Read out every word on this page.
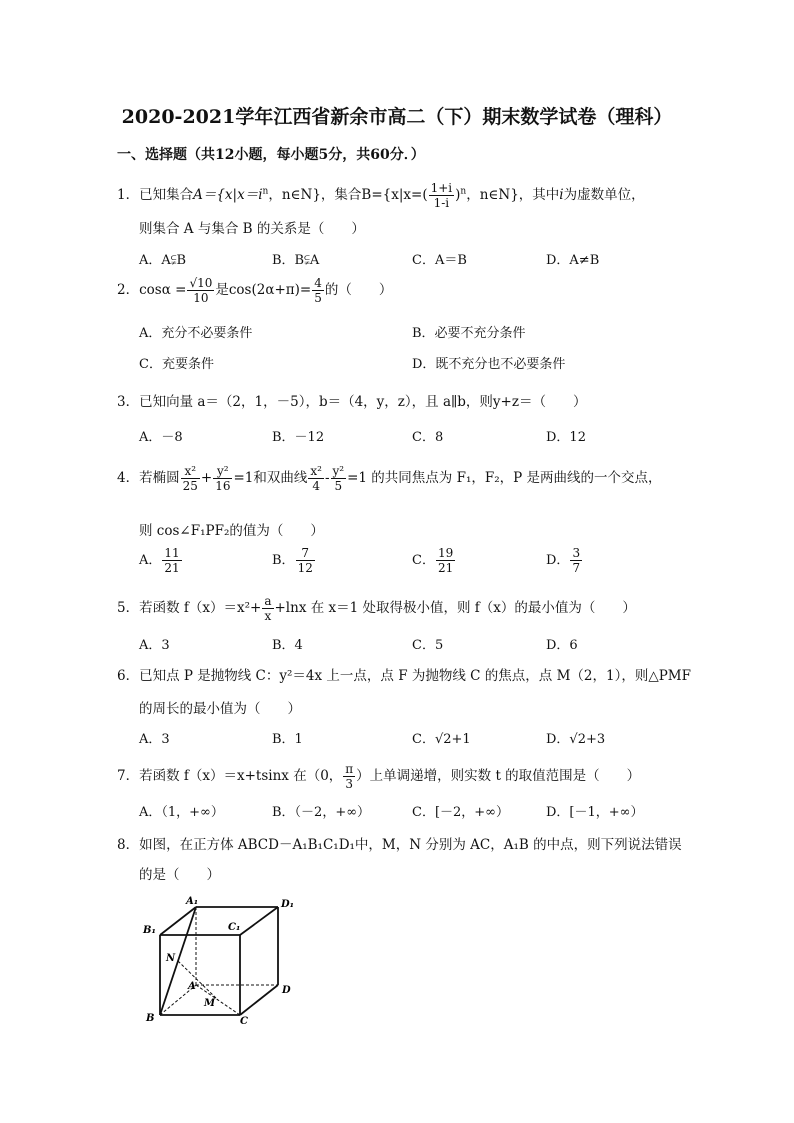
2020-2021学年江西省新余市高二（下）期末数学试卷（理科）
一、选择题（共12小题，每小题5分，共60分．）
1．已知集合$A=\{x|x=i^n$，n∈N}，集合$B=\{x|x=( \frac{1+i}{1-i} )^n$，n∈N}，其中i为虚数单位，
则集合 A 与集合 B 的关系是（　　）
A．A⫋B	B．B⫋A	C．A＝B	D．A≠B
2．$\cos\alpha = \frac{√10}{10}$ 是$\cos(2\alpha+\pi)= \frac{4}{5}$ 的（　　）
A．充分不必要条件	B．必要不充分条件
C．充要条件	D．既不充分也不必要条件
3．已知向量 a＝（2，1，－5），b＝（4，y，z），且 a∥b，则y+z＝（　　）
A．－8	B．－12	C．8	D．12
4．若椭圆 $\frac{\text{x²}}{25} + \frac{\text{y²}}{16} =1$和双曲线 $\frac{\text{x²}}{4} - \frac{\text{y²}}{5} =1$ 的共同焦点为 F₁，F₂，P 是两曲线的一个交点，
则 cos∠F₁PF₂的值为（　　）
A． $\frac{11}{21}$	B． $\frac{7}{12}$	C． $\frac{19}{21}$	D． $\frac{3}{7}$
5．若函数 $f(x)=x^2+ \frac{a}{x} +\ln x$ 在 x＝1 处取得极小值，则 f（x）的最小值为（　　）
A．3	B．4	C．5	D．6
6．已知点 P 是抛物线 C：y²＝4x 上一点，点 F 为抛物线 C 的焦点，点 M（2，1），则△PMF
的周长的最小值为（　　）
A．3	B．1	C．√2+1	D．√2+3
7．若函数 f（x）＝x+tsinx 在（0， $\frac{\pi}{3}$ ）上单调递增，则实数 t 的取值范围是（　　）
A．（1，+∞）	B．（－2，+∞）	C．[－2，+∞）	D．[－1，+∞）
8．如图，在正方体 ABCD－A₁B₁C₁D₁中，M，N 分别为 AC，A₁B 的中点，则下列说法错误
的是（　　）
A₁
B₁	C₁
D₁
N
A
M
D
B	C
